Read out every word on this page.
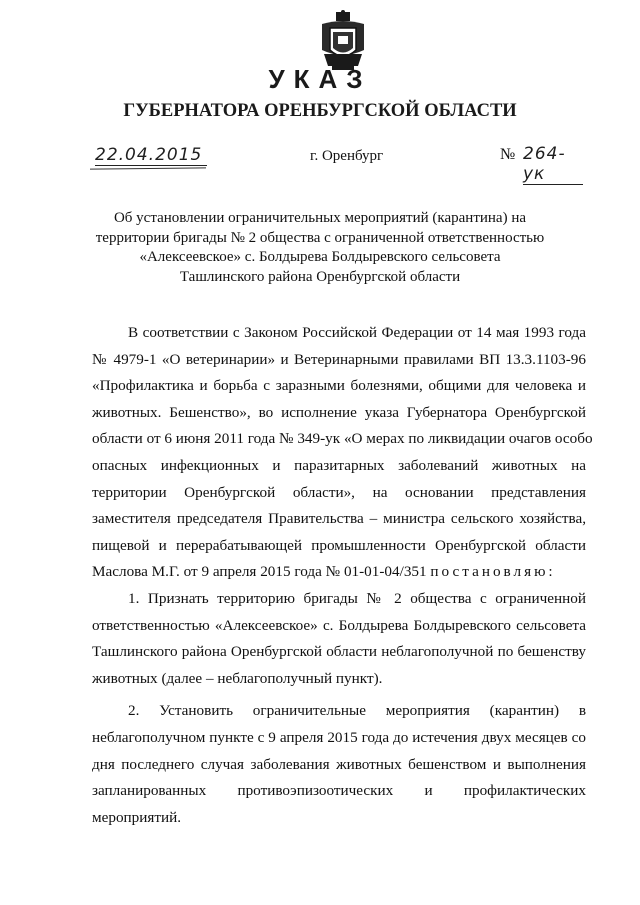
УКАЗ
ГУБЕРНАТОРА ОРЕНБУРГСКОЙ ОБЛАСТИ
22.04.2015	г. Оренбург	№ 264-ук
Об установлении ограничительных мероприятий (карантина) на
территории бригады № 2 общества с ограниченной ответственностью
«Алексеевское» с. Болдырева Болдыревского сельсовета
Ташлинского района Оренбургской области

В соответствии с Законом Российской Федерации от 14 мая 1993 года
№ 4979-1 «О ветеринарии» и Ветеринарными правилами ВП 13.3.1103-96
«Профилактика и борьба с заразными болезнями, общими для человека и
животных. Бешенство», во исполнение указа Губернатора Оренбургской
области от 6 июня 2011 года № 349-ук «О мерах по ликвидации очагов особо
опасных инфекционных и паразитарных заболеваний животных на
территории Оренбургской области», на основании представления
заместителя председателя Правительства – министра сельского хозяйства,
пищевой и перерабатывающей промышленности Оренбургской области
Маслова М.Г. от 9 апреля 2015 года № 01-01-04/351 постановляю:

1. Признать территорию бригады № 2 общества с ограниченной
ответственностью «Алексеевское» с. Болдырева Болдыревского сельсовета
Ташлинского района Оренбургской области неблагополучной по бешенству
животных (далее – неблагополучный пункт).

2. Установить ограничительные мероприятия (карантин) в
неблагополучном пункте с 9 апреля 2015 года до истечения двух месяцев со
дня последнего случая заболевания животных бешенством и выполнения
запланированных противоэпизоотических и профилактических
мероприятий.
